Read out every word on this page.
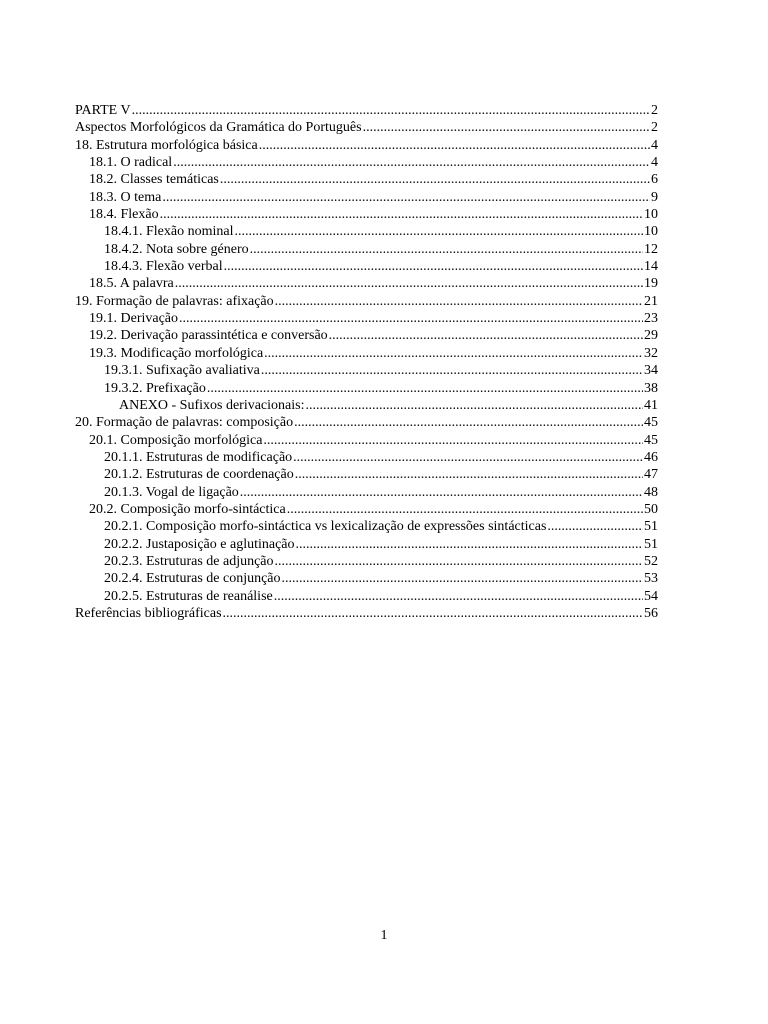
PARTE V .....	2
Aspectos Morfológicos da Gramática do Português .....	2
18. Estrutura morfológica básica .....	4
18.1. O radical .....	4
18.2. Classes temáticas .....	6
18.3. O tema .....	9
18.4. Flexão .....	10
18.4.1. Flexão nominal .....	10
18.4.2. Nota sobre género .....	12
18.4.3. Flexão verbal .....	14
18.5. A palavra .....	19
19. Formação de palavras: afixação .....	21
19.1. Derivação .....	23
19.2. Derivação parassintética e conversão .....	29
19.3. Modificação morfológica .....	32
19.3.1. Sufixação avaliativa .....	34
19.3.2. Prefixação .....	38
ANEXO - Sufixos derivacionais: .....	41
20. Formação de palavras: composição .....	45
20.1. Composição morfológica .....	45
20.1.1. Estruturas de modificação .....	46
20.1.2. Estruturas de coordenação .....	47
20.1.3. Vogal de ligação .....	48
20.2. Composição morfo-sintáctica .....	50
20.2.1. Composição morfo-sintáctica vs lexicalização de expressões sintácticas .....	51
20.2.2. Justaposição e aglutinação .....	51
20.2.3. Estruturas de adjunção .....	52
20.2.4. Estruturas de conjunção .....	53
20.2.5. Estruturas de reanálise .....	54
Referências bibliográficas .....	56
1
